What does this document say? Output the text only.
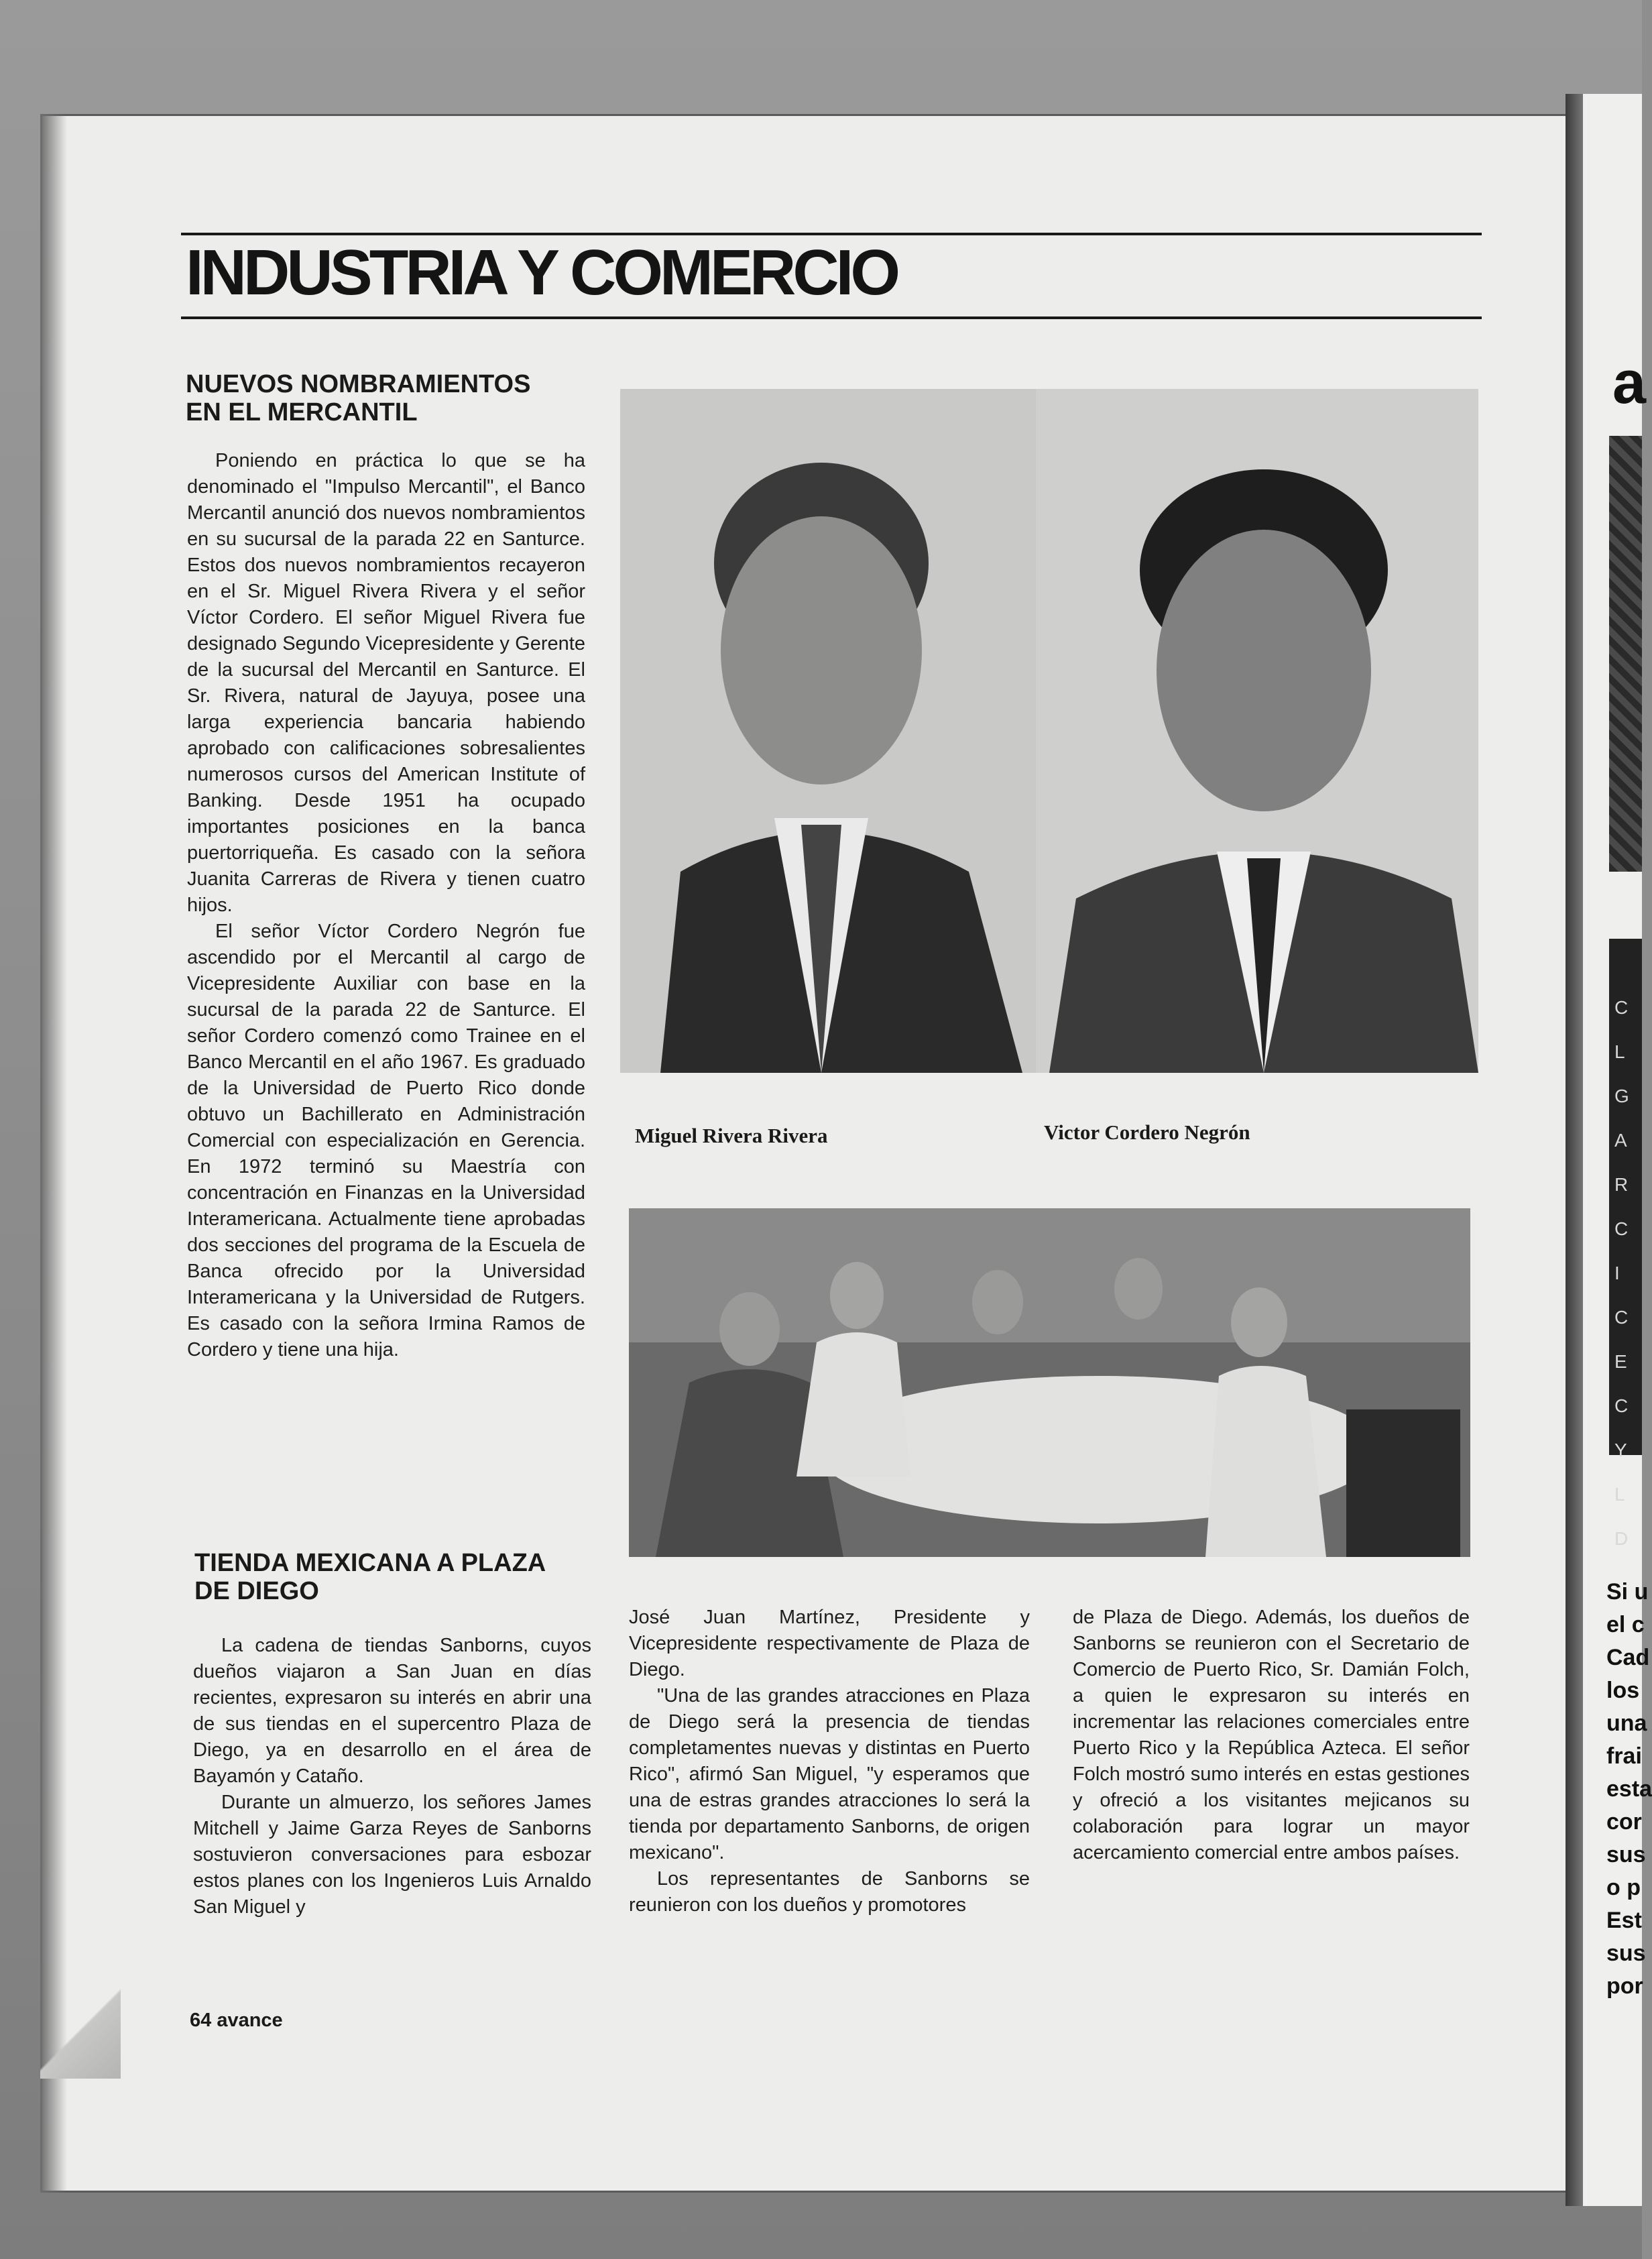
a
C
L
G
A
R
C
I
C
E
C
Y
L
D
Si u
el c
Cad
los
una
frai
esta
cor
sus
o p
Est
sus
por
INDUSTRIA Y COMERCIO
NUEVOS NOMBRAMIENTOS
EN EL MERCANTIL

Poniendo en práctica lo que se ha denominado el "Impulso Mercantil", el Banco Mercantil anunció dos nuevos nombramientos en su sucursal de la parada 22 en Santurce. Estos dos nuevos nombramientos recayeron en el Sr. Miguel Rivera Rivera y el señor Víctor Cordero. El señor Miguel Rivera fue designado Segundo Vicepresidente y Gerente de la sucursal del Mercantil en Santurce. El Sr. Rivera, natural de Jayuya, posee una larga experiencia bancaria habiendo aprobado con calificaciones sobresalientes numerosos cursos del American Institute of Banking. Desde 1951 ha ocupado importantes posiciones en la banca puertorriqueña. Es casado con la señora Juanita Carreras de Rivera y tienen cuatro hijos.

El señor Víctor Cordero Negrón fue ascendido por el Mercantil al cargo de Vicepresidente Auxiliar con base en la sucursal de la parada 22 de Santurce. El señor Cordero comenzó como Trainee en el Banco Mercantil en el año 1967. Es graduado de la Universidad de Puerto Rico donde obtuvo un Bachillerato en Administración Comercial con especialización en Gerencia. En 1972 terminó su Maestría con concentración en Finanzas en la Universidad Interamericana. Actualmente tiene aprobadas dos secciones del programa de la Escuela de Banca ofrecido por la Universidad Interamericana y la Universidad de Rutgers. Es casado con la señora Irmina Ramos de Cordero y tiene una hija.

Miguel Rivera Rivera	Victor Cordero Negrón
TIENDA MEXICANA A PLAZA
DE DIEGO

La cadena de tiendas Sanborns, cuyos dueños viajaron a San Juan en días recientes, expresaron su interés en abrir una de sus tiendas en el supercentro Plaza de Diego, ya en desarrollo en el área de Bayamón y Cataño.

Durante un almuerzo, los señores James Mitchell y Jaime Garza Reyes de Sanborns sostuvieron conversaciones para esbozar estos planes con los Ingenieros Luis Arnaldo San Miguel y

José Juan Martínez, Presidente y Vicepresidente respectivamente de Plaza de Diego.

"Una de las grandes atracciones en Plaza de Diego será la presencia de tiendas completamentes nuevas y distintas en Puerto Rico", afirmó San Miguel, "y esperamos que una de estras grandes atracciones lo será la tienda por departamento Sanborns, de origen mexicano".

Los representantes de Sanborns se reunieron con los dueños y promotores

de Plaza de Diego. Además, los dueños de Sanborns se reunieron con el Secretario de Comercio de Puerto Rico, Sr. Damián Folch, a quien le expresaron su interés en incrementar las relaciones comerciales entre Puerto Rico y la República Azteca. El señor Folch mostró sumo interés en estas gestiones y ofreció a los visitantes mejicanos su colaboración para lograr un mayor acercamiento comercial entre ambos países.

64 avance
